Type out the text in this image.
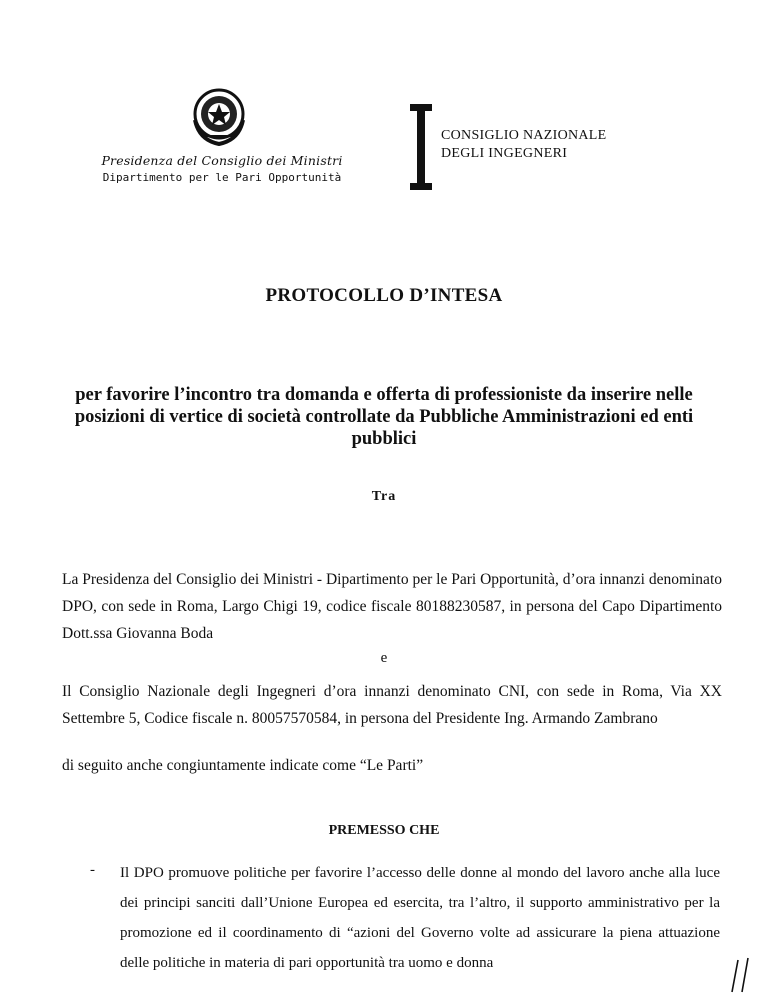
Presidenza del Consiglio dei Ministri
Dipartimento per le Pari Opportunità
CONSIGLIO NAZIONALE
DEGLI INGEGNERI
PROTOCOLLO D’INTESA
per favorire l’incontro tra domanda e offerta di professioniste da inserire nelle posizioni di vertice di società controllate da Pubbliche Amministrazioni ed enti pubblici
Tra
La Presidenza del Consiglio dei Ministri - Dipartimento per le Pari Opportunità, d’ora innanzi denominato DPO, con sede in Roma, Largo Chigi 19, codice fiscale 80188230587, in persona del Capo Dipartimento Dott.ssa Giovanna Boda
e
Il Consiglio Nazionale degli Ingegneri d’ora innanzi denominato CNI, con sede in Roma, Via XX Settembre 5, Codice fiscale n. 80057570584, in persona del Presidente Ing. Armando Zambrano
di seguito anche congiuntamente indicate come “Le Parti”
PREMESSO CHE
- Il DPO promuove politiche per favorire l’accesso delle donne al mondo del lavoro anche alla luce dei principi sanciti dall’Unione Europea ed esercita, tra l’altro, il supporto amministrativo per la promozione ed il coordinamento di “azioni del Governo volte ad assicurare la piena attuazione delle politiche in materia di pari opportunità tra uomo e donna
